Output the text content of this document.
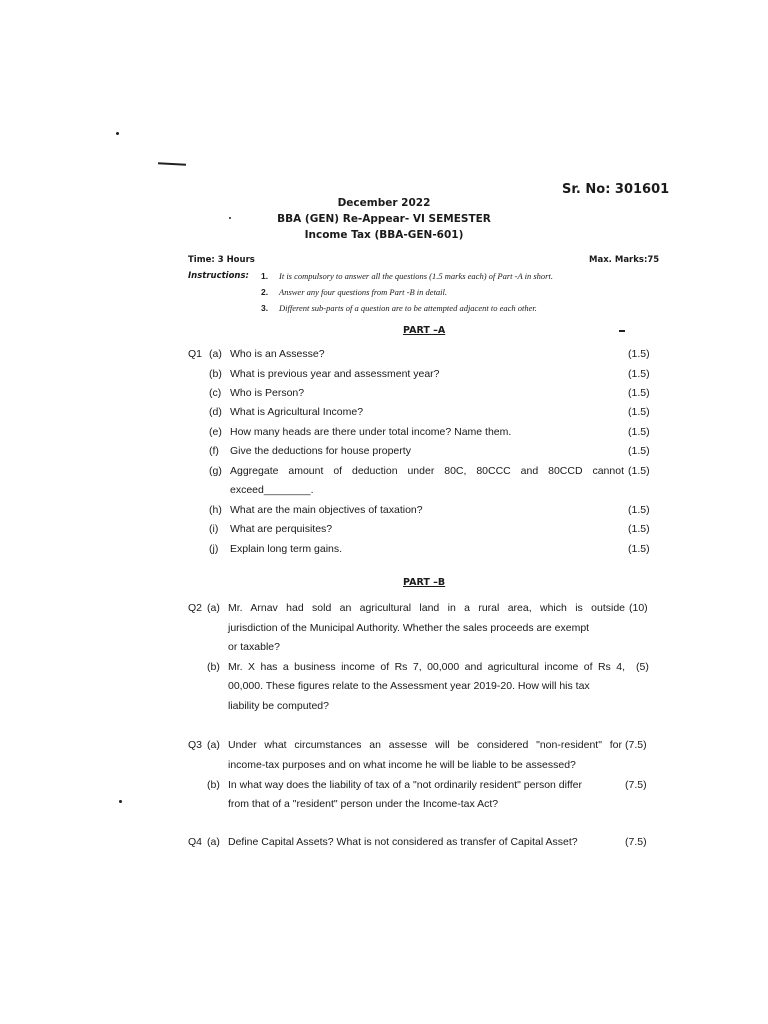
Sr. No: 301601
December 2022
BBA (GEN) Re-Appear- VI SEMESTER
Income Tax (BBA-GEN-601)
Time: 3 Hours	Max. Marks:75
Instructions: 1. It is compulsory to answer all the questions (1.5 marks each) of Part -A in short.
2. Answer any four questions from Part -B in detail.
3. Different sub-parts of a question are to be attempted adjacent to each other.
PART –A
Q1 (a) Who is an Assesse?	(1.5)
(b) What is previous year and assessment year?	(1.5)
(c) Who is Person?	(1.5)
(d) What is Agricultural Income?	(1.5)
(e) How many heads are there under total income? Name them.	(1.5)
(f) Give the deductions for house property	(1.5)
(g) Aggregate amount of deduction under 80C, 80CCC and 80CCD cannot
exceed________.
(1.5)
(h) What are the main objectives of taxation?	(1.5)
(i) What are perquisites?	(1.5)
(j) Explain long term gains.	(1.5)
PART –B
Q2 (a) Mr. Arnav had sold an agricultural land in a rural area, which is outside
jurisdiction of the Municipal Authority. Whether the sales proceeds are exempt
or taxable?
(10)
(b) Mr. X has a business income of Rs 7, 00,000 and agricultural income of Rs 4,
00,000. These figures relate to the Assessment year 2019-20. How will his tax
liability be computed?
(5)
Q3 (a) Under what circumstances an assesse will be considered "non-resident" for
income-tax purposes and on what income he will be liable to be assessed?
(7.5)
(b) In what way does the liability of tax of a "not ordinarily resident" person differ
from that of a "resident" person under the Income-tax Act?
(7.5)
Q4 (a) Define Capital Assets? What is not considered as transfer of Capital Asset?	(7.5)
